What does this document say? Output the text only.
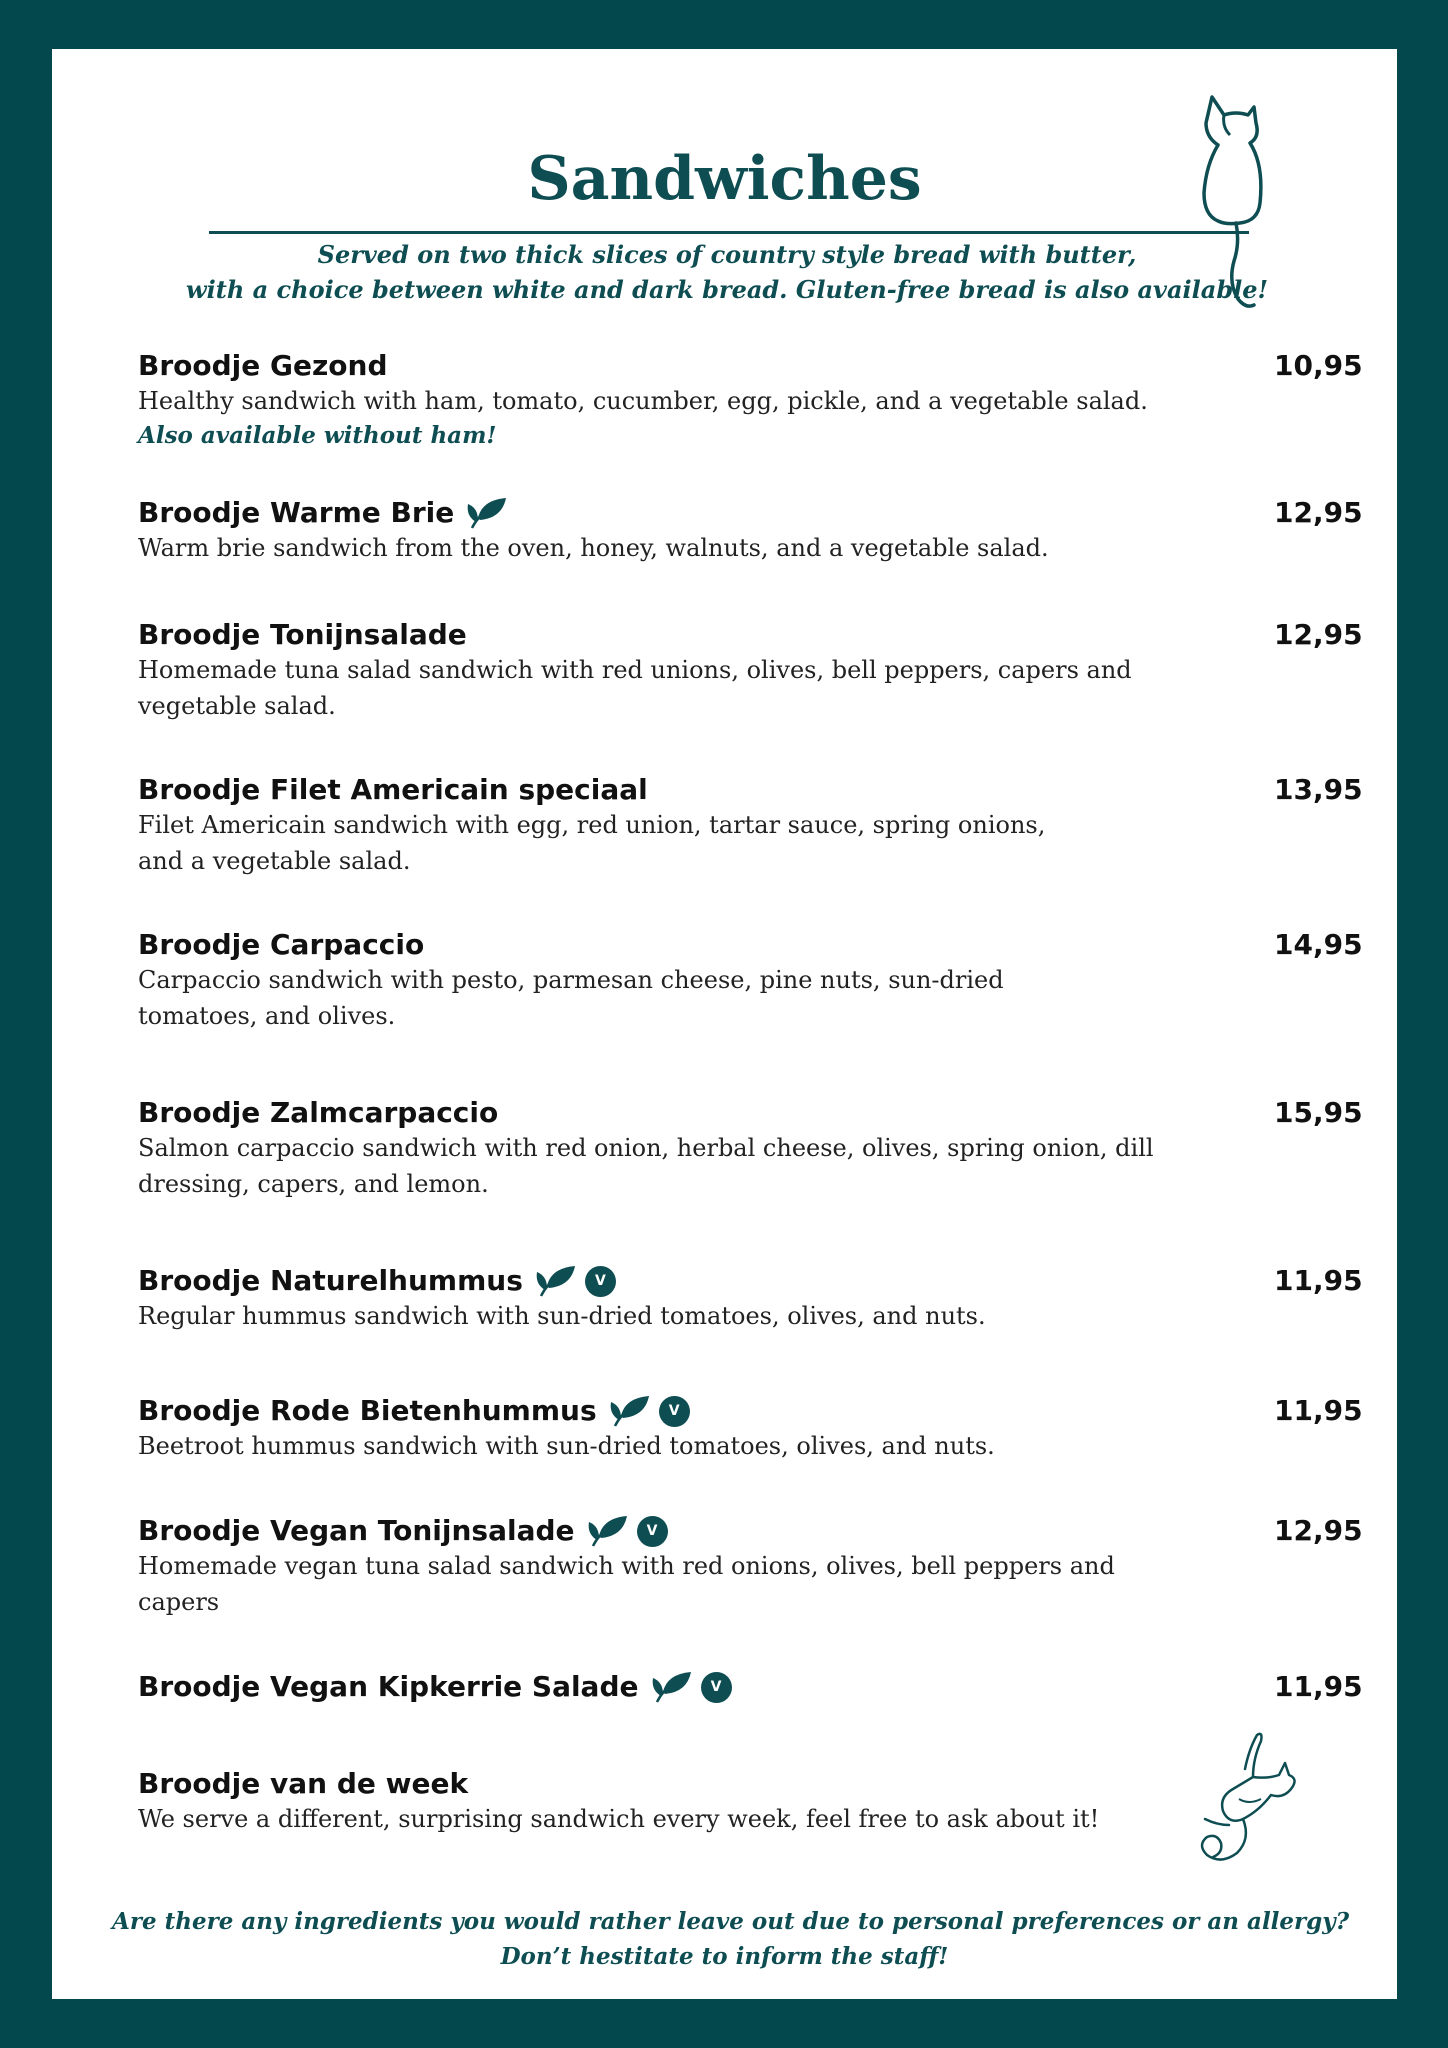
Sandwiches
Served on two thick slices of country style bread with butter,
with a choice between white and dark bread. Gluten-free bread is also available!
Broodje Gezond	10,95
Healthy sandwich with ham, tomato, cucumber, egg, pickle, and a vegetable salad.
Also available without ham!
Broodje Warme Brie	12,95
Warm brie sandwich from the oven, honey, walnuts, and a vegetable salad.
Broodje Tonijnsalade	12,95
Homemade tuna salad sandwich with red unions, olives, bell peppers, capers and vegetable salad.
Broodje Filet Americain speciaal	13,95
Filet Americain sandwich with egg, red union, tartar sauce, spring onions, and a vegetable salad.
Broodje Carpaccio	14,95
Carpaccio sandwich with pesto, parmesan cheese, pine nuts, sun-dried tomatoes, and olives.
Broodje Zalmcarpaccio	15,95
Salmon carpaccio sandwich with red onion, herbal cheese, olives, spring onion, dill dressing, capers, and lemon.
Broodje Naturelhummus	V	11,95
Regular hummus sandwich with sun-dried tomatoes, olives, and nuts.
Broodje Rode Bietenhummus	V	11,95
Beetroot hummus sandwich with sun-dried tomatoes, olives, and nuts.
Broodje Vegan Tonijnsalade	V	12,95
Homemade vegan tuna salad sandwich with red onions, olives, bell peppers and capers
Broodje Vegan Kipkerrie Salade	V	11,95
Broodje van de week
We serve a different, surprising sandwich every week, feel free to ask about it!
Are there any ingredients you would rather leave out due to personal preferences or an allergy?
Don’t hestitate to inform the staff!
